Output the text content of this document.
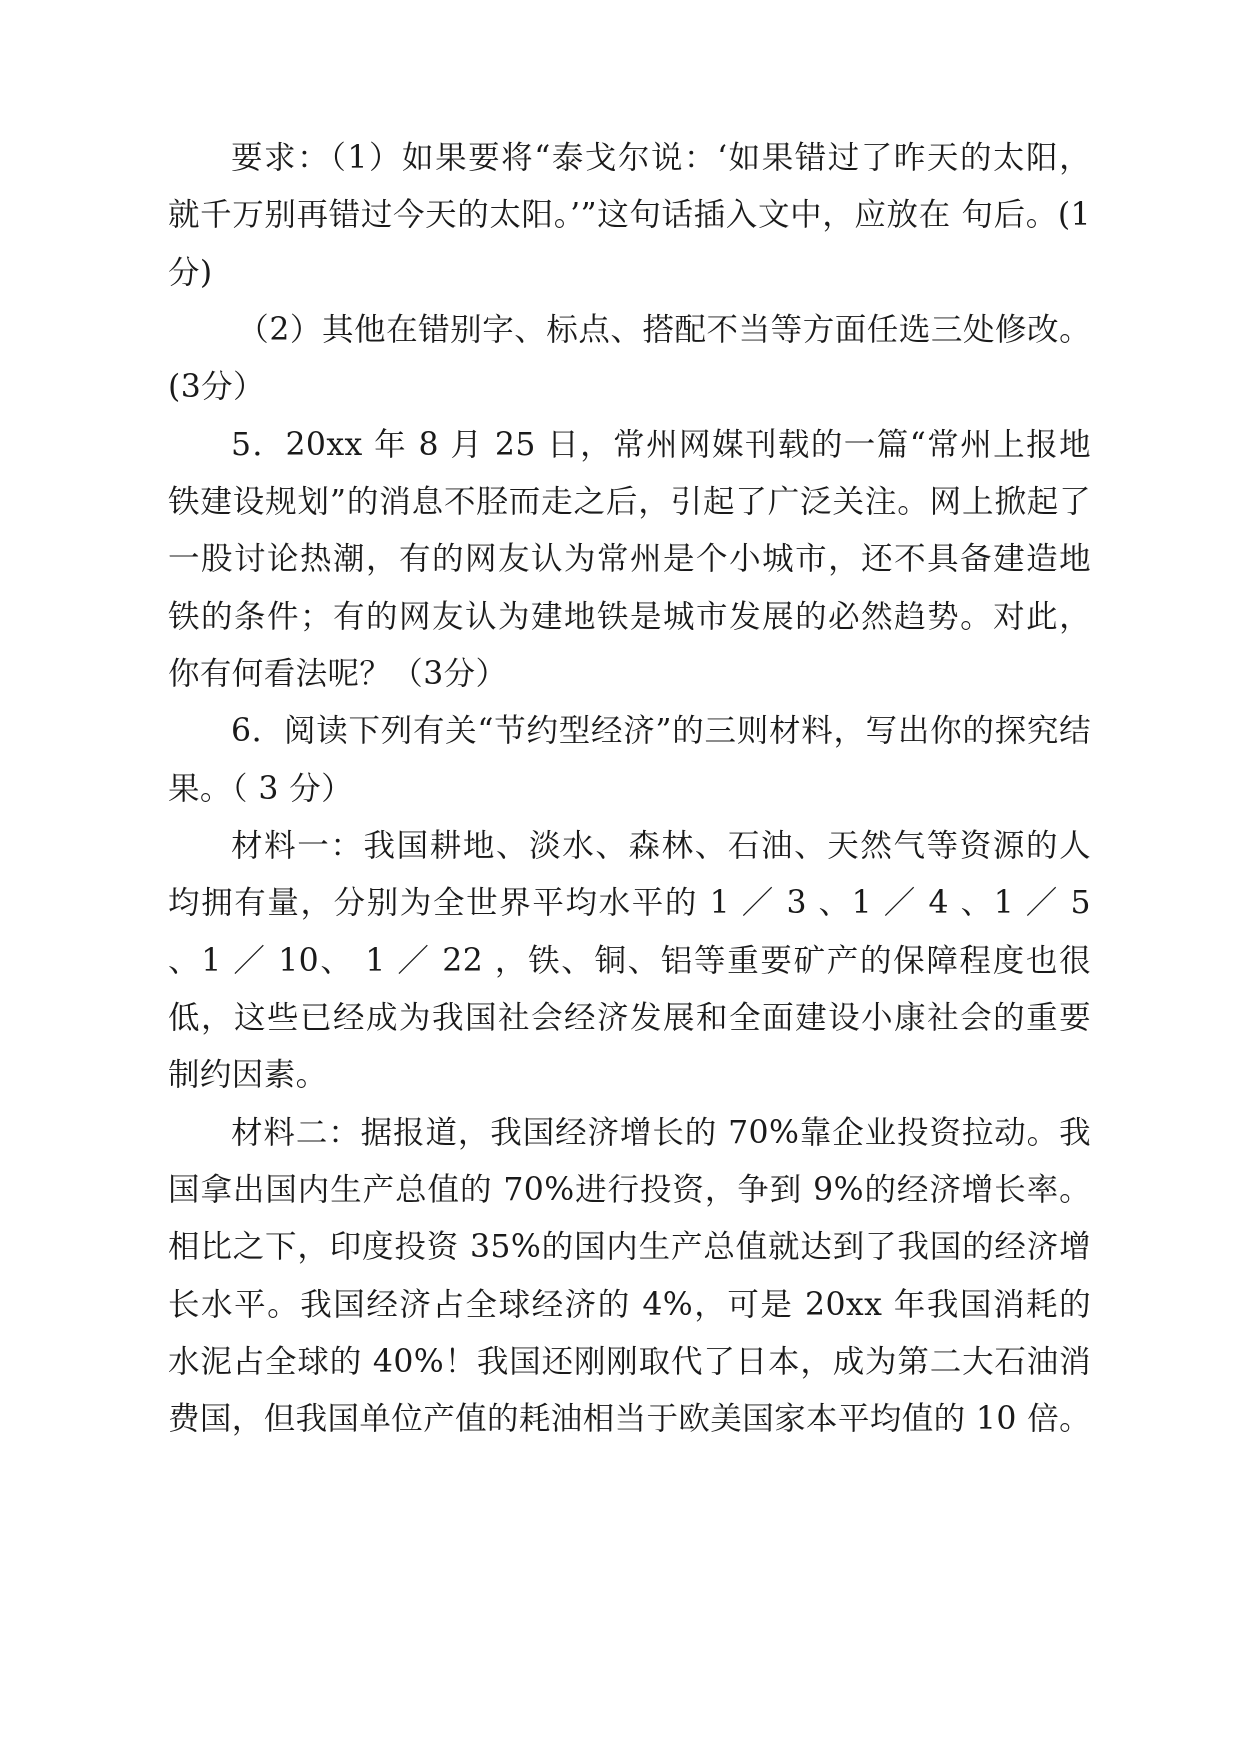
要求：（1）如果要将“泰戈尔说：‘如果错过了昨天的太阳，就千万别再错过今天的太阳。’”这句话插入文中，应放在 句后。(1分)

（2）其他在错别字、标点、搭配不当等方面任选三处修改。(3分）

5．20xx 年 8 月 25 日，常州网媒刊载的一篇“常州上报地铁建设规划”的消息不胫而走之后，引起了广泛关注。网上掀起了一股讨论热潮，有的网友认为常州是个小城市，还不具备建造地铁的条件；有的网友认为建地铁是城市发展的必然趋势。对此，你有何看法呢？（3分）

6．阅读下列有关“节约型经济”的三则材料，写出你的探究结果。（ 3 分）

材料一：我国耕地、淡水、森林、石油、天然气等资源的人均拥有量，分别为全世界平均水平的 1 ／ 3 、1 ／ 4 、1 ／ 5 、1 ／ 10、 1 ／ 22 ，铁、铜、铝等重要矿产的保障程度也很低，这些已经成为我国社会经济发展和全面建设小康社会的重要制约因素。

材料二：据报道，我国经济增长的 70%靠企业投资拉动。我国拿出国内生产总值的 70%进行投资，争到 9%的经济增长率。相比之下，印度投资 35%的国内生产总值就达到了我国的经济增长水平。我国经济占全球经济的 4%，可是 20xx 年我国消耗的水泥占全球的 40%！我国还刚刚取代了日本，成为第二大石油消费国，但我国单位产值的耗油相当于欧美国家本平均值的 10 倍。
